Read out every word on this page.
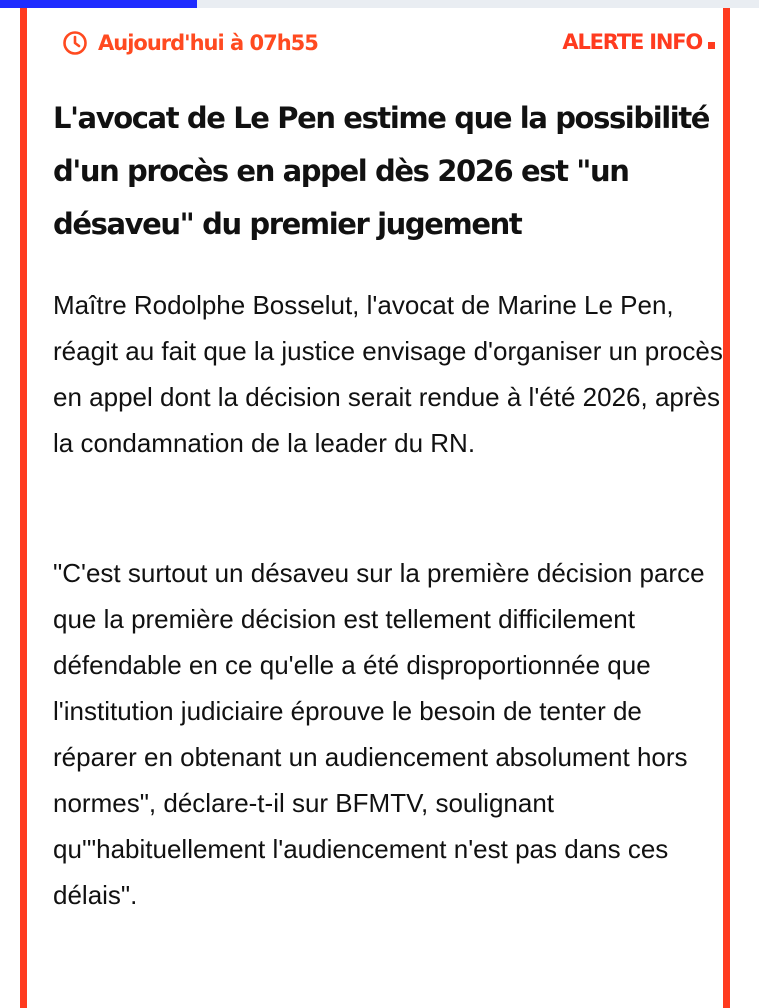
Aujourd'hui à 07h55	ALERTE INFO
L'avocat de Le Pen estime que la possibilité d'un procès en appel dès 2026 est "un désaveu" du premier jugement

Maître Rodolphe Bosselut, l'avocat de Marine Le Pen, réagit au fait que la justice envisage d'organiser un procès en appel dont la décision serait rendue à l'été 2026, après la condamnation de la leader du RN.

"C'est surtout un désaveu sur la première décision parce que la première décision est tellement difficilement défendable en ce qu'elle a été disproportionnée que l'institution judiciaire éprouve le besoin de tenter de réparer en obtenant un audiencement absolument hors normes", déclare-t-il sur BFMTV, soulignant qu'"habituellement l'audiencement n'est pas dans ces délais".
